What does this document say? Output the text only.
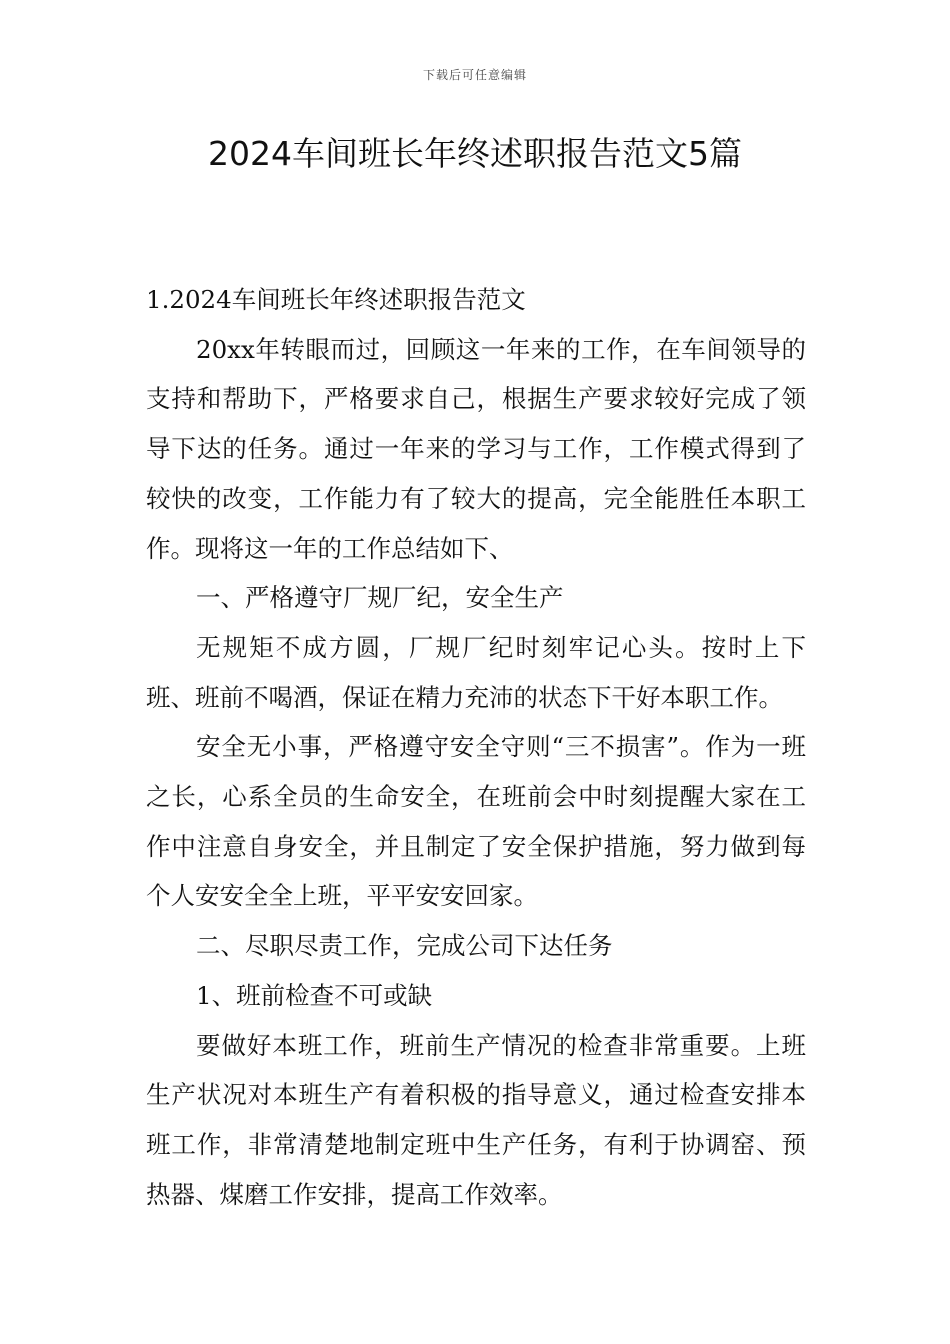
下载后可任意编辑
2024车间班长年终述职报告范文5篇

1.2024车间班长年终述职报告范文

20xx年转眼而过，回顾这一年来的工作，在车间领导的支持和帮助下，严格要求自己，根据生产要求较好完成了领导下达的任务。通过一年来的学习与工作，工作模式得到了较快的改变，工作能力有了较大的提高，完全能胜任本职工作。现将这一年的工作总结如下、

一、严格遵守厂规厂纪，安全生产

无规矩不成方圆，厂规厂纪时刻牢记心头。按时上下班、班前不喝酒，保证在精力充沛的状态下干好本职工作。

安全无小事，严格遵守安全守则“三不损害”。作为一班之长，心系全员的生命安全，在班前会中时刻提醒大家在工作中注意自身安全，并且制定了安全保护措施，努力做到每个人安安全全上班，平平安安回家。

二、尽职尽责工作，完成公司下达任务

1、班前检查不可或缺

要做好本班工作，班前生产情况的检查非常重要。上班生产状况对本班生产有着积极的指导意义，通过检查安排本班工作，非常清楚地制定班中生产任务，有利于协调窑、预热器、煤磨工作安排，提高工作效率。
